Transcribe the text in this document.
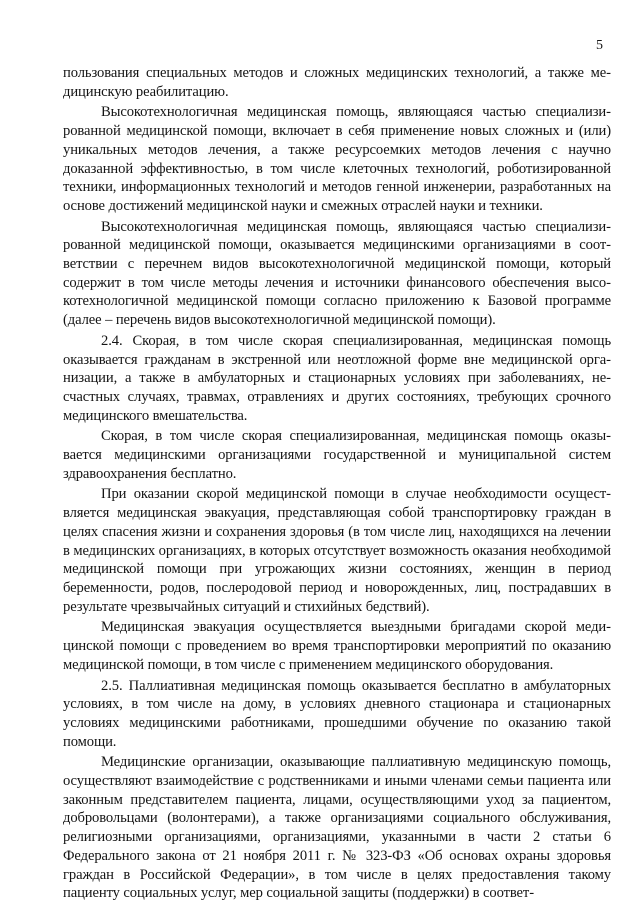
5

пользования специальных методов и сложных медицинских технологий, а также медицинскую реабилитацию.

Высокотехнологичная медицинская помощь, являющаяся частью специализированной медицинской помощи, включает в себя применение новых сложных и (или) уникальных методов лечения, а также ресурсоемких методов лечения с научно доказанной эффективностью, в том числе клеточных технологий, роботизированной техники, информационных технологий и методов генной инженерии, разработанных на основе достижений медицинской науки и смежных отраслей науки и техники.

Высокотехнологичная медицинская помощь, являющаяся частью специализированной медицинской помощи, оказывается медицинскими организациями в соответствии с перечнем видов высокотехнологичной медицинской помощи, который содержит в том числе методы лечения и источники финансового обеспечения высокотехнологичной медицинской помощи согласно приложению к Базовой программе (далее – перечень видов высокотехнологичной медицинской помощи).

2.4. Скорая, в том числе скорая специализированная, медицинская помощь оказывается гражданам в экстренной или неотложной форме вне медицинской организации, а также в амбулаторных и стационарных условиях при заболеваниях, несчастных случаях, травмах, отравлениях и других состояниях, требующих срочного медицинского вмешательства.

Скорая, в том числе скорая специализированная, медицинская помощь оказывается медицинскими организациями государственной и муниципальной систем здравоохранения бесплатно.

При оказании скорой медицинской помощи в случае необходимости осуществляется медицинская эвакуация, представляющая собой транспортировку граждан в целях спасения жизни и сохранения здоровья (в том числе лиц, находящихся на лечении в медицинских организациях, в которых отсутствует возможность оказания необходимой медицинской помощи при угрожающих жизни состояниях, женщин в период беременности, родов, послеродовой период и новорожденных, лиц, пострадавших в результате чрезвычайных ситуаций и стихийных бедствий).

Медицинская эвакуация осуществляется выездными бригадами скорой медицинской помощи с проведением во время транспортировки мероприятий по оказанию медицинской помощи, в том числе с применением медицинского оборудования.

2.5. Паллиативная медицинская помощь оказывается бесплатно в амбулаторных условиях, в том числе на дому, в условиях дневного стационара и стационарных условиях медицинскими работниками, прошедшими обучение по оказанию такой помощи.

Медицинские организации, оказывающие паллиативную медицинскую помощь, осуществляют взаимодействие с родственниками и иными членами семьи пациента или законным представителем пациента, лицами, осуществляющими уход за пациентом, добровольцами (волонтерами), а также организациями социального обслуживания, религиозными организациями, организациями, указанными в части 2 статьи 6 Федерального закона от 21 ноября 2011 г. № 323-ФЗ «Об основах охраны здоровья граждан в Российской Федерации», в том числе в целях предоставления такому пациенту социальных услуг, мер социальной защиты (поддержки) в соответ-
